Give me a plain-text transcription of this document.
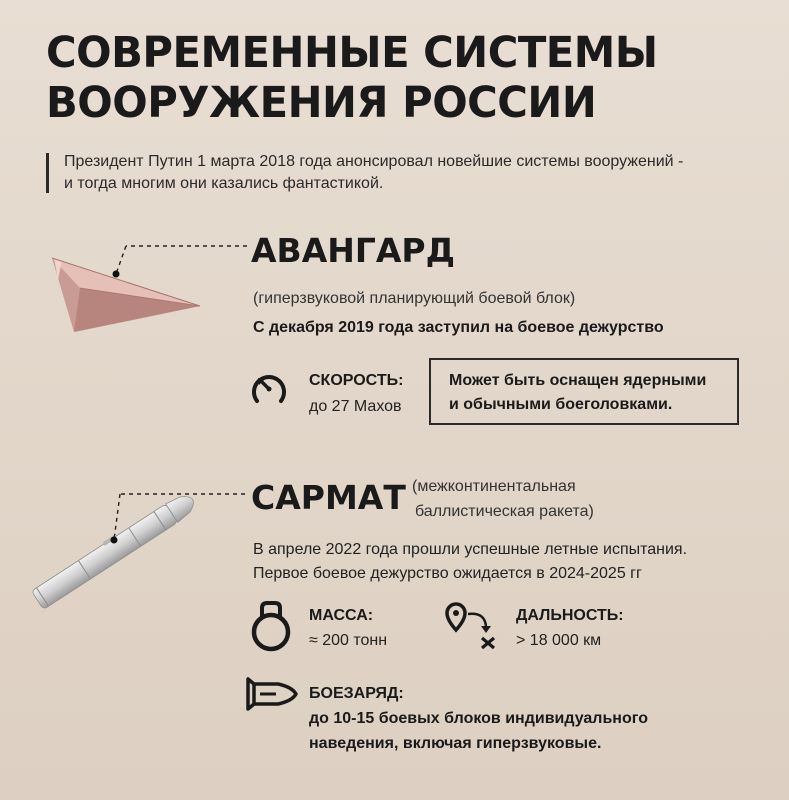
СОВРЕМЕННЫЕ СИСТЕМЫ
ВООРУЖЕНИЯ РОССИИ
Президент Путин 1 марта 2018 года анонсировал новейшие системы вооружений -
и тогда многим они казались фантастикой.
АВАНГАРД
(гиперзвуковой планирующий боевой блок)
С декабря 2019 года заступил на боевое дежурство
СКОРОСТЬ:
до 27 Махов
Может быть оснащен ядерными
и обычными боеголовками.
САРМАТ (межконтинентальная
баллистическая ракета)
В апреле 2022 года прошли успешные летные испытания.
Первое боевое дежурство ожидается в 2024-2025 гг
МАССА:
≈ 200 тонн
ДАЛЬНОСТЬ:
> 18 000 км
БОЕЗАРЯД:
до 10-15 боевых блоков индивидуального
наведения, включая гиперзвуковые.
